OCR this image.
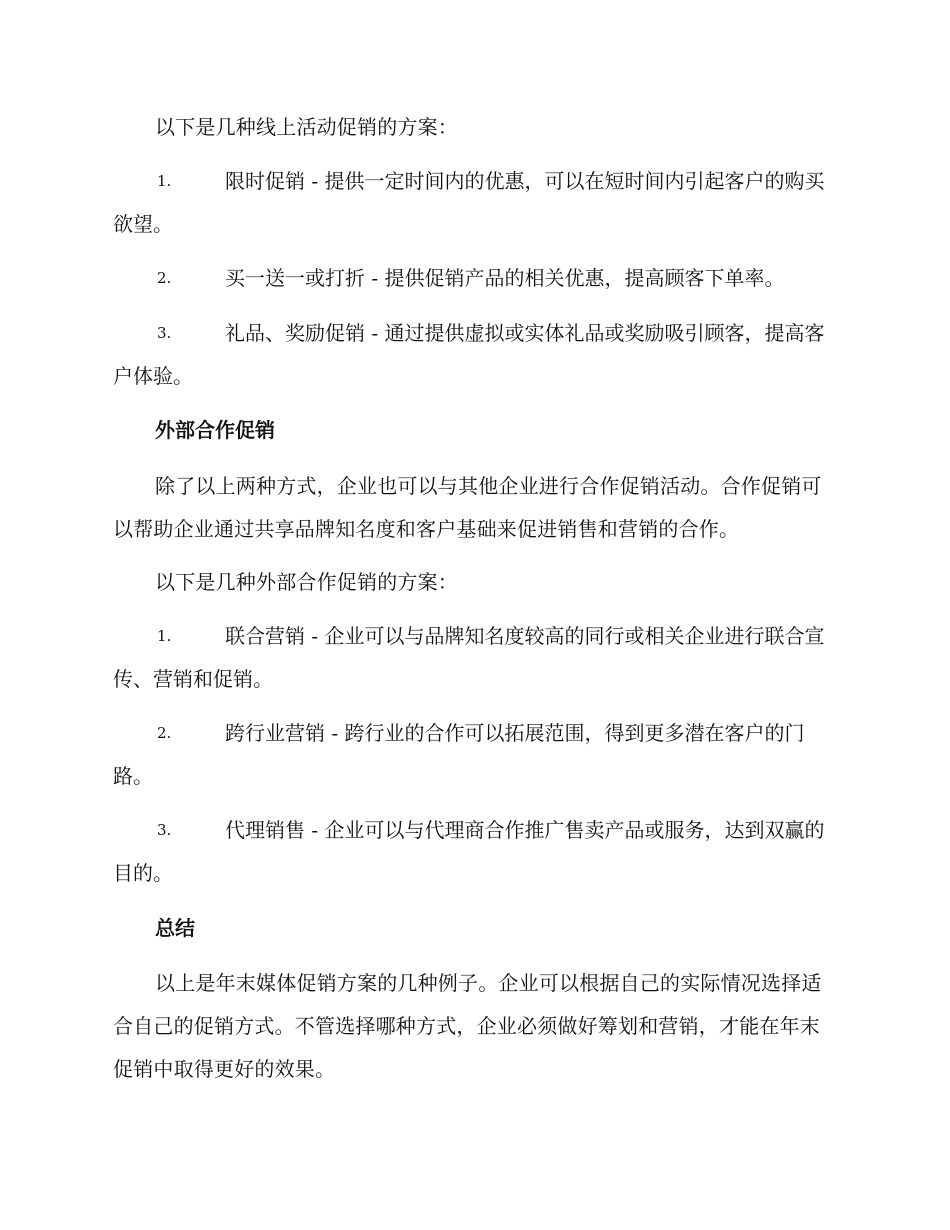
以下是几种线上活动促销的方案：

1.	限时促销 - 提供一定时间内的优惠，可以在短时间内引起客户的购买欲望。
2.	买一送一或打折 - 提供促销产品的相关优惠，提高顾客下单率。
3.	礼品、奖励促销 - 通过提供虚拟或实体礼品或奖励吸引顾客，提高客户体验。
外部合作促销

除了以上两种方式，企业也可以与其他企业进行合作促销活动。合作促销可以帮助企业通过共享品牌知名度和客户基础来促进销售和营销的合作。

以下是几种外部合作促销的方案：

1.	联合营销 - 企业可以与品牌知名度较高的同行或相关企业进行联合宣传、营销和促销。
2.	跨行业营销 - 跨行业的合作可以拓展范围，得到更多潜在客户的门路。
3.	代理销售 - 企业可以与代理商合作推广售卖产品或服务，达到双赢的目的。
总结

以上是年末媒体促销方案的几种例子。企业可以根据自己的实际情况选择适合自己的促销方式。不管选择哪种方式，企业必须做好筹划和营销，才能在年末促销中取得更好的效果。
